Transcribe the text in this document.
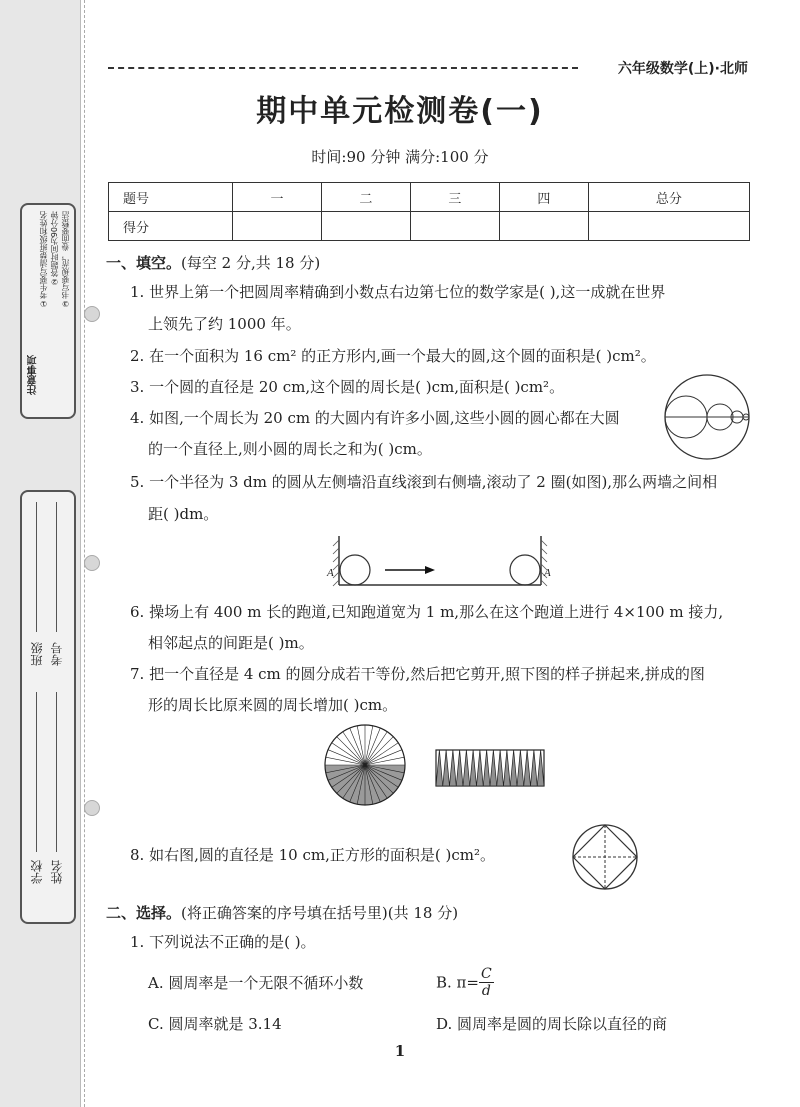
注意事项
①考生要写清楚班级和姓名 ②答题时间为90分钟 ③书写要规范，卷面要整洁
学校 姓名
班级 考号
六年级数学(上)·北师
期中单元检测卷(一)
时间:90 分钟 满分:100 分
题号	一	二	三	四	总分
得分					
一、填空。(每空 2 分,共 18 分)
1. 世界上第一个把圆周率精确到小数点右边第七位的数学家是( ),这一成就在世界
上领先了约 1000 年。
2. 在一个面积为 16 cm² 的正方形内,画一个最大的圆,这个圆的面积是( )cm²。
3. 一个圆的直径是 20 cm,这个圆的周长是( )cm,面积是( )cm²。
4. 如图,一个周长为 20 cm 的大圆内有许多小圆,这些小圆的圆心都在大圆
的一个直径上,则小圆的周长之和为( )cm。
5. 一个半径为 3 dm 的圆从左侧墙沿直线滚到右侧墙,滚动了 2 圈(如图),那么两墙之间相
距( )dm。
A	A
6. 操场上有 400 m 长的跑道,已知跑道宽为 1 m,那么在这个跑道上进行 4×100 m 接力,
相邻起点的间距是( )m。
7. 把一个直径是 4 cm 的圆分成若干等份,然后把它剪开,照下图的样子拼起来,拼成的图
形的周长比原来圆的周长增加( )cm。
8. 如右图,圆的直径是 10 cm,正方形的面积是( )cm²。
二、选择。(将正确答案的序号填在括号里)(共 18 分)
1. 下列说法不正确的是( )。
A. 圆周率是一个无限不循环小数	B. $\pi= \frac{C}{d}$
C. 圆周率就是 3.14	D. 圆周率是圆的周长除以直径的商
1
